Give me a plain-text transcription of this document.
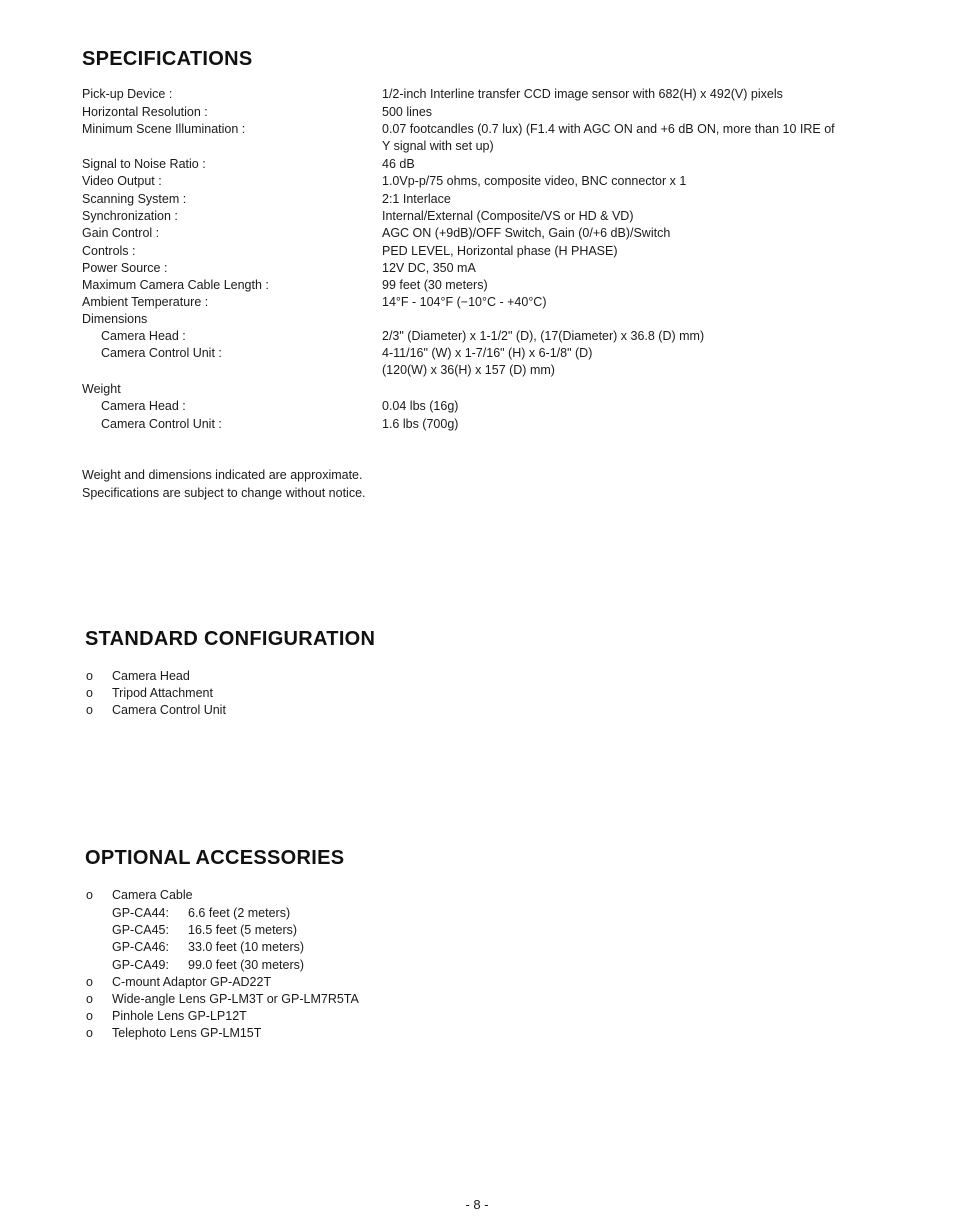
SPECIFICATIONS
Pick-up Device :	1/2-inch Interline transfer CCD image sensor with 682(H) x 492(V) pixels
Horizontal Resolution :	500 lines
Minimum Scene Illumination :	0.07 footcandles (0.7 lux) (F1.4 with AGC ON and +6 dB ON, more than 10 IRE of
Y signal with set up)
Signal to Noise Ratio :	46 dB
Video Output :	1.0Vp-p/75 ohms, composite video, BNC connector x 1
Scanning System :	2:1 Interlace
Synchronization :	Internal/External (Composite/VS or HD & VD)
Gain Control :	AGC ON (+9dB)/OFF Switch, Gain (0/+6 dB)/Switch
Controls :	PED LEVEL, Horizontal phase (H PHASE)
Power Source :	12V DC, 350 mA
Maximum Camera Cable Length :	99 feet (30 meters)
Ambient Temperature :	14°F - 104°F (−10°C - +40°C)
Dimensions
Camera Head :	2/3" (Diameter) x 1-1/2" (D), (17(Diameter) x 36.8 (D) mm)
Camera Control Unit :	4-11/16" (W) x 1-7/16" (H) x 6-1/8" (D)
(120(W) x 36(H) x 157 (D) mm)
Weight
Camera Head :	0.04 lbs (16g)
Camera Control Unit :	1.6 lbs (700g)
Weight and dimensions indicated are approximate.
Specifications are subject to change without notice.
STANDARD CONFIGURATION
o Camera Head
o Tripod Attachment
o Camera Control Unit
OPTIONAL ACCESSORIES
o Camera Cable
GP-CA44: 6.6 feet (2 meters)
GP-CA45: 16.5 feet (5 meters)
GP-CA46: 33.0 feet (10 meters)
GP-CA49: 99.0 feet (30 meters)
o C-mount Adaptor GP-AD22T
o Wide-angle Lens GP-LM3T or GP-LM7R5TA
o Pinhole Lens GP-LP12T
o Telephoto Lens GP-LM15T
- 8 -
